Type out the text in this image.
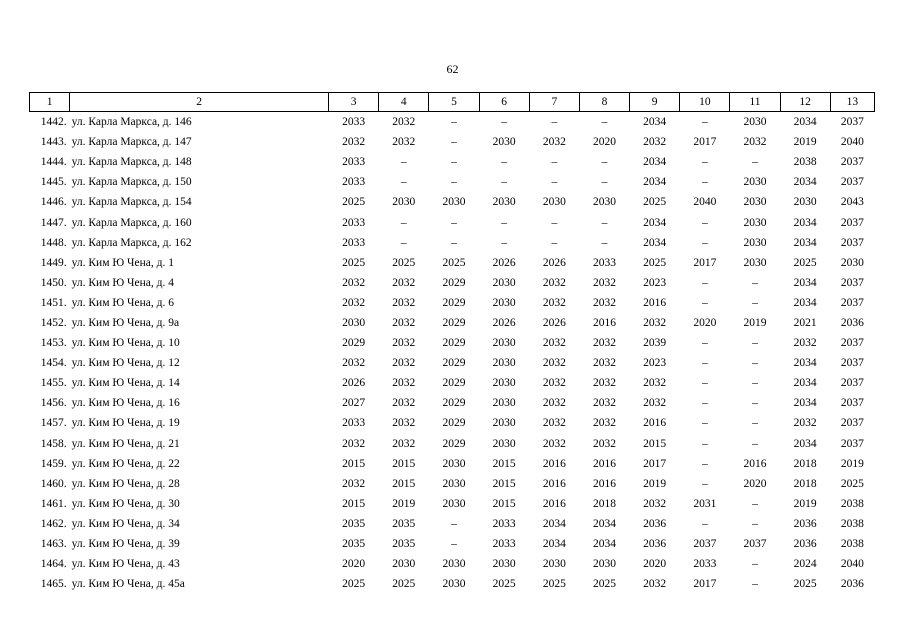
62
1	2	3	4	5	6	7	8	9	10	11	12	13
1442.	ул. Карла Маркса, д. 146	2033	2032	–	–	–	–	2034	–	2030	2034	2037
1443.	ул. Карла Маркса, д. 147	2032	2032	–	2030	2032	2020	2032	2017	2032	2019	2040
1444.	ул. Карла Маркса, д. 148	2033	–	–	–	–	–	2034	–	–	2038	2037
1445.	ул. Карла Маркса, д. 150	2033	–	–	–	–	–	2034	–	2030	2034	2037
1446.	ул. Карла Маркса, д. 154	2025	2030	2030	2030	2030	2030	2025	2040	2030	2030	2043
1447.	ул. Карла Маркса, д. 160	2033	–	–	–	–	–	2034	–	2030	2034	2037
1448.	ул. Карла Маркса, д. 162	2033	–	–	–	–	–	2034	–	2030	2034	2037
1449.	ул. Ким Ю Чена, д. 1	2025	2025	2025	2026	2026	2033	2025	2017	2030	2025	2030
1450.	ул. Ким Ю Чена, д. 4	2032	2032	2029	2030	2032	2032	2023	–	–	2034	2037
1451.	ул. Ким Ю Чена, д. 6	2032	2032	2029	2030	2032	2032	2016	–	–	2034	2037
1452.	ул. Ким Ю Чена, д. 9а	2030	2032	2029	2026	2026	2016	2032	2020	2019	2021	2036
1453.	ул. Ким Ю Чена, д. 10	2029	2032	2029	2030	2032	2032	2039	–	–	2032	2037
1454.	ул. Ким Ю Чена, д. 12	2032	2032	2029	2030	2032	2032	2023	–	–	2034	2037
1455.	ул. Ким Ю Чена, д. 14	2026	2032	2029	2030	2032	2032	2032	–	–	2034	2037
1456.	ул. Ким Ю Чена, д. 16	2027	2032	2029	2030	2032	2032	2032	–	–	2034	2037
1457.	ул. Ким Ю Чена, д. 19	2033	2032	2029	2030	2032	2032	2016	–	–	2032	2037
1458.	ул. Ким Ю Чена, д. 21	2032	2032	2029	2030	2032	2032	2015	–	–	2034	2037
1459.	ул. Ким Ю Чена, д. 22	2015	2015	2030	2015	2016	2016	2017	–	2016	2018	2019
1460.	ул. Ким Ю Чена, д. 28	2032	2015	2030	2015	2016	2016	2019	–	2020	2018	2025
1461.	ул. Ким Ю Чена, д. 30	2015	2019	2030	2015	2016	2018	2032	2031	–	2019	2038
1462.	ул. Ким Ю Чена, д. 34	2035	2035	–	2033	2034	2034	2036	–	–	2036	2038
1463.	ул. Ким Ю Чена, д. 39	2035	2035	–	2033	2034	2034	2036	2037	2037	2036	2038
1464.	ул. Ким Ю Чена, д. 43	2020	2030	2030	2030	2030	2030	2020	2033	–	2024	2040
1465.	ул. Ким Ю Чена, д. 45а	2025	2025	2030	2025	2025	2025	2032	2017	–	2025	2036
